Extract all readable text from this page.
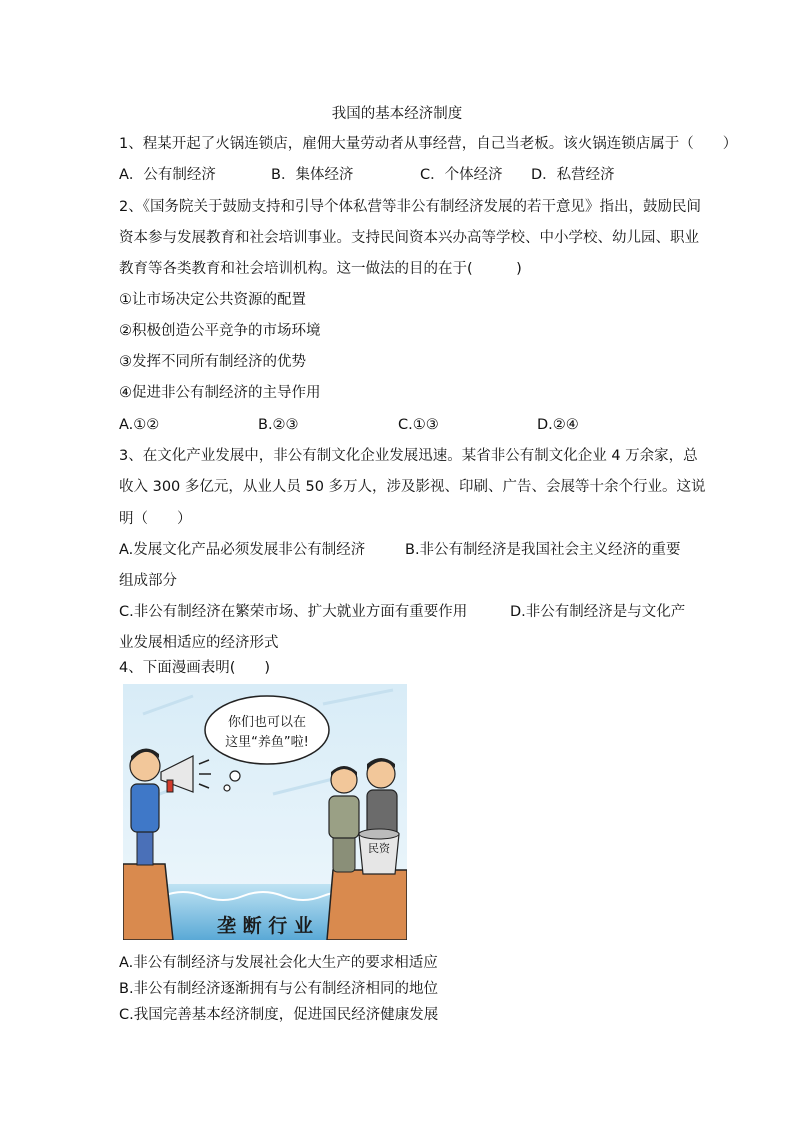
我国的基本经济制度
1、程某开起了火锅连锁店，雇佣大量劳动者从事经营，自己当老板。该火锅连锁店属于（　　）
A．公有制经济	B．集体经济	C．个体经济 D．私营经济
2、《国务院关于鼓励支持和引导个体私营等非公有制经济发展的若干意见》指出，鼓励民间
资本参与发展教育和社会培训事业。支持民间资本兴办高等学校、中小学校、幼儿园、职业
教育等各类教育和社会培训机构。这一做法的目的在于(　　　)
①让市场决定公共资源的配置
②积极创造公平竞争的市场环境
③发挥不同所有制经济的优势
④促进非公有制经济的主导作用
A.①②	B.②③	C.①③	D.②④
3、在文化产业发展中，非公有制文化企业发展迅速。某省非公有制文化企业 4 万余家，总
收入 300 多亿元，从业人员 50 多万人，涉及影视、印刷、广告、会展等十余个行业。这说
明（　　）
A.发展文化产品必须发展非公有制经济	B.非公有制经济是我国社会主义经济的重要
组成部分
C.非公有制经济在繁荣市场、扩大就业方面有重要作用	D.非公有制经济是与文化产
业发展相适应的经济形式
4、下面漫画表明(　　)
你们也可以在
这里“养鱼”啦!
民资
垄 断 行 业
A.非公有制经济与发展社会化大生产的要求相适应
B.非公有制经济逐渐拥有与公有制经济相同的地位
C.我国完善基本经济制度，促进国民经济健康发展
